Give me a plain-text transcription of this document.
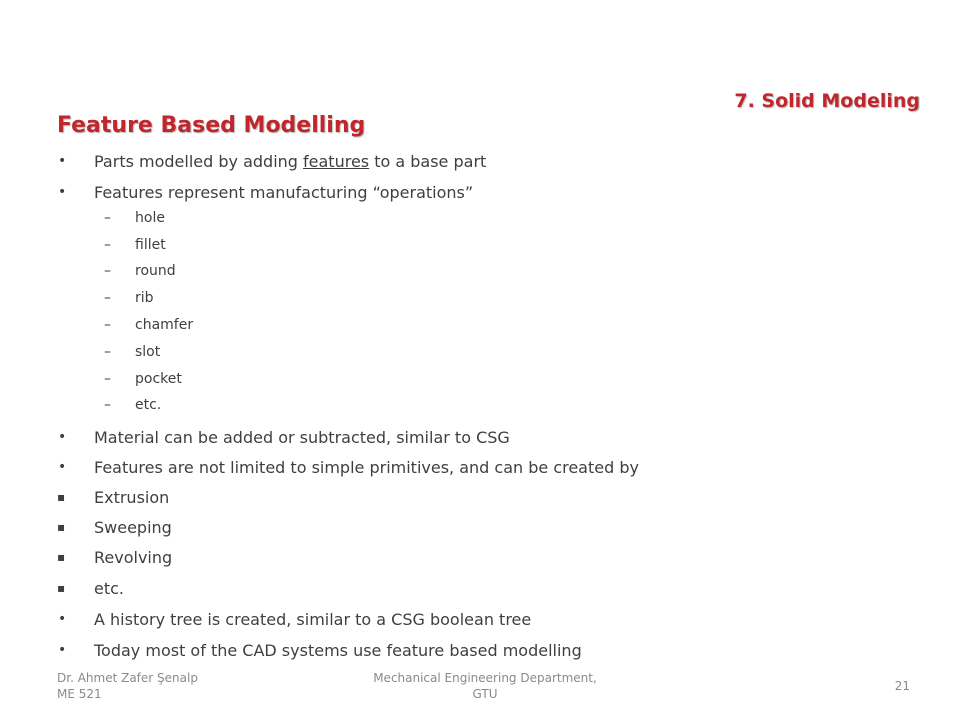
7. Solid Modeling
Feature Based Modelling
• Parts modelled by adding features to a base part
• Features represent manufacturing “operations”
– hole
– fillet
– round
– rib
– chamfer
– slot
– pocket
– etc.
• Material can be added or subtracted, similar to CSG
• Features are not limited to simple primitives, and can be created by
▪ Extrusion
▪ Sweeping
▪ Revolving
▪ etc.
• A history tree is created, similar to a CSG boolean tree
• Today most of the CAD systems use feature based modelling
Dr. Ahmet Zafer Şenalp
ME 521
Mechanical Engineering Department,
GTU
21
